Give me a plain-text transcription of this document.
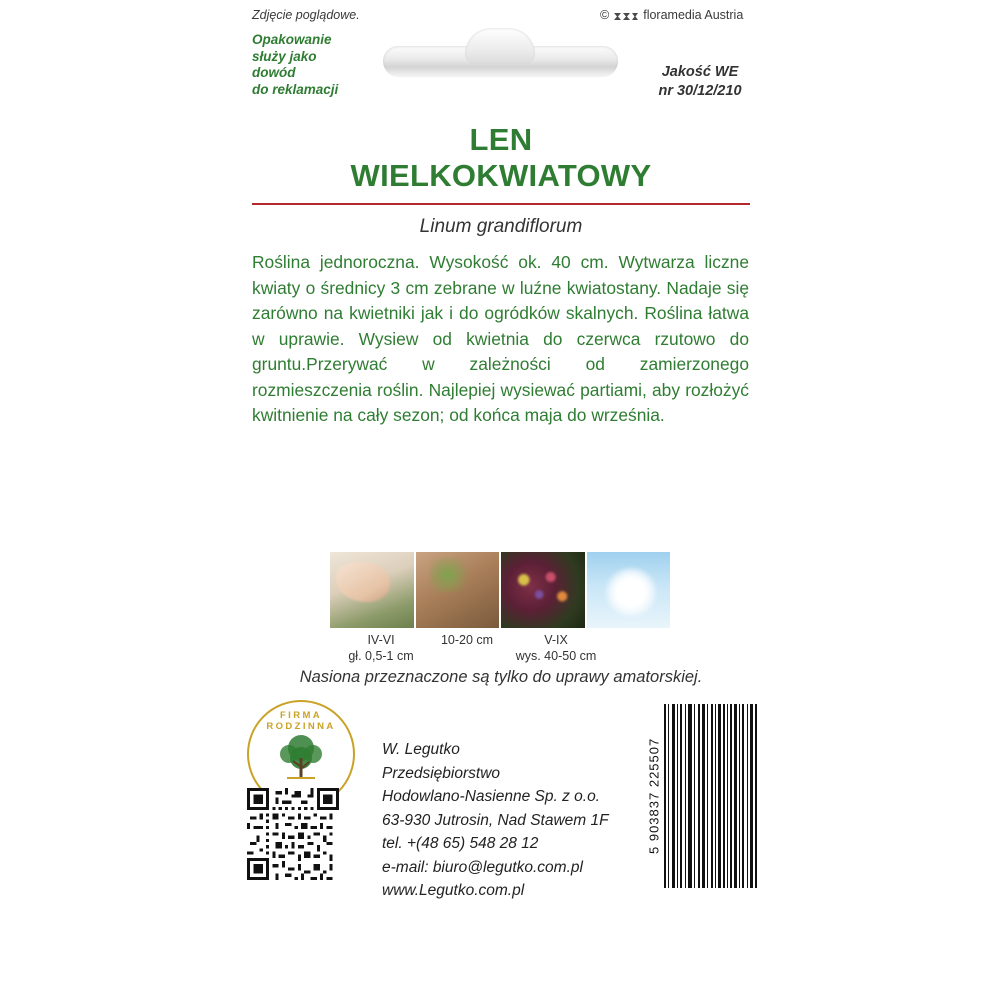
Zdjęcie poglądowe.	©	floramedia Austria
Opakowanie
służy jako
dowód
do reklamacji
Jakość WE
nr 30/12/210
LEN
WIELKOKWIATOWY
Linum grandiflorum
Roślina jednoroczna. Wysokość ok. 40 cm. Wytwarza liczne kwiaty o średnicy 3 cm zebrane w luźne kwiatostany. Nadaje się zarówno na kwietniki jak i do ogródków skalnych. Roślina łatwa w uprawie. Wysiew od kwietnia do czerwca rzutowo do gruntu.Przerywać w zależności od zamierzonego rozmieszczenia roślin. Najlepiej wysiewać partiami, aby rozłożyć kwitnienie na cały sezon; od końca maja do września.
IV-VI
gł. 0,5-1 cm
10-20 cm	V-IX
wys. 40-50 cm
Nasiona przeznaczone są tylko do uprawy amatorskiej.
FIRMA RODZINNA
W. Legutko
Przedsiębiorstwo
Hodowlano-Nasienne Sp. z o.o.
63-930 Jutrosin, Nad Stawem 1F
tel. +(48 65) 548 28 12
e-mail: biuro@legutko.com.pl
www.Legutko.com.pl
5 903837 225507
